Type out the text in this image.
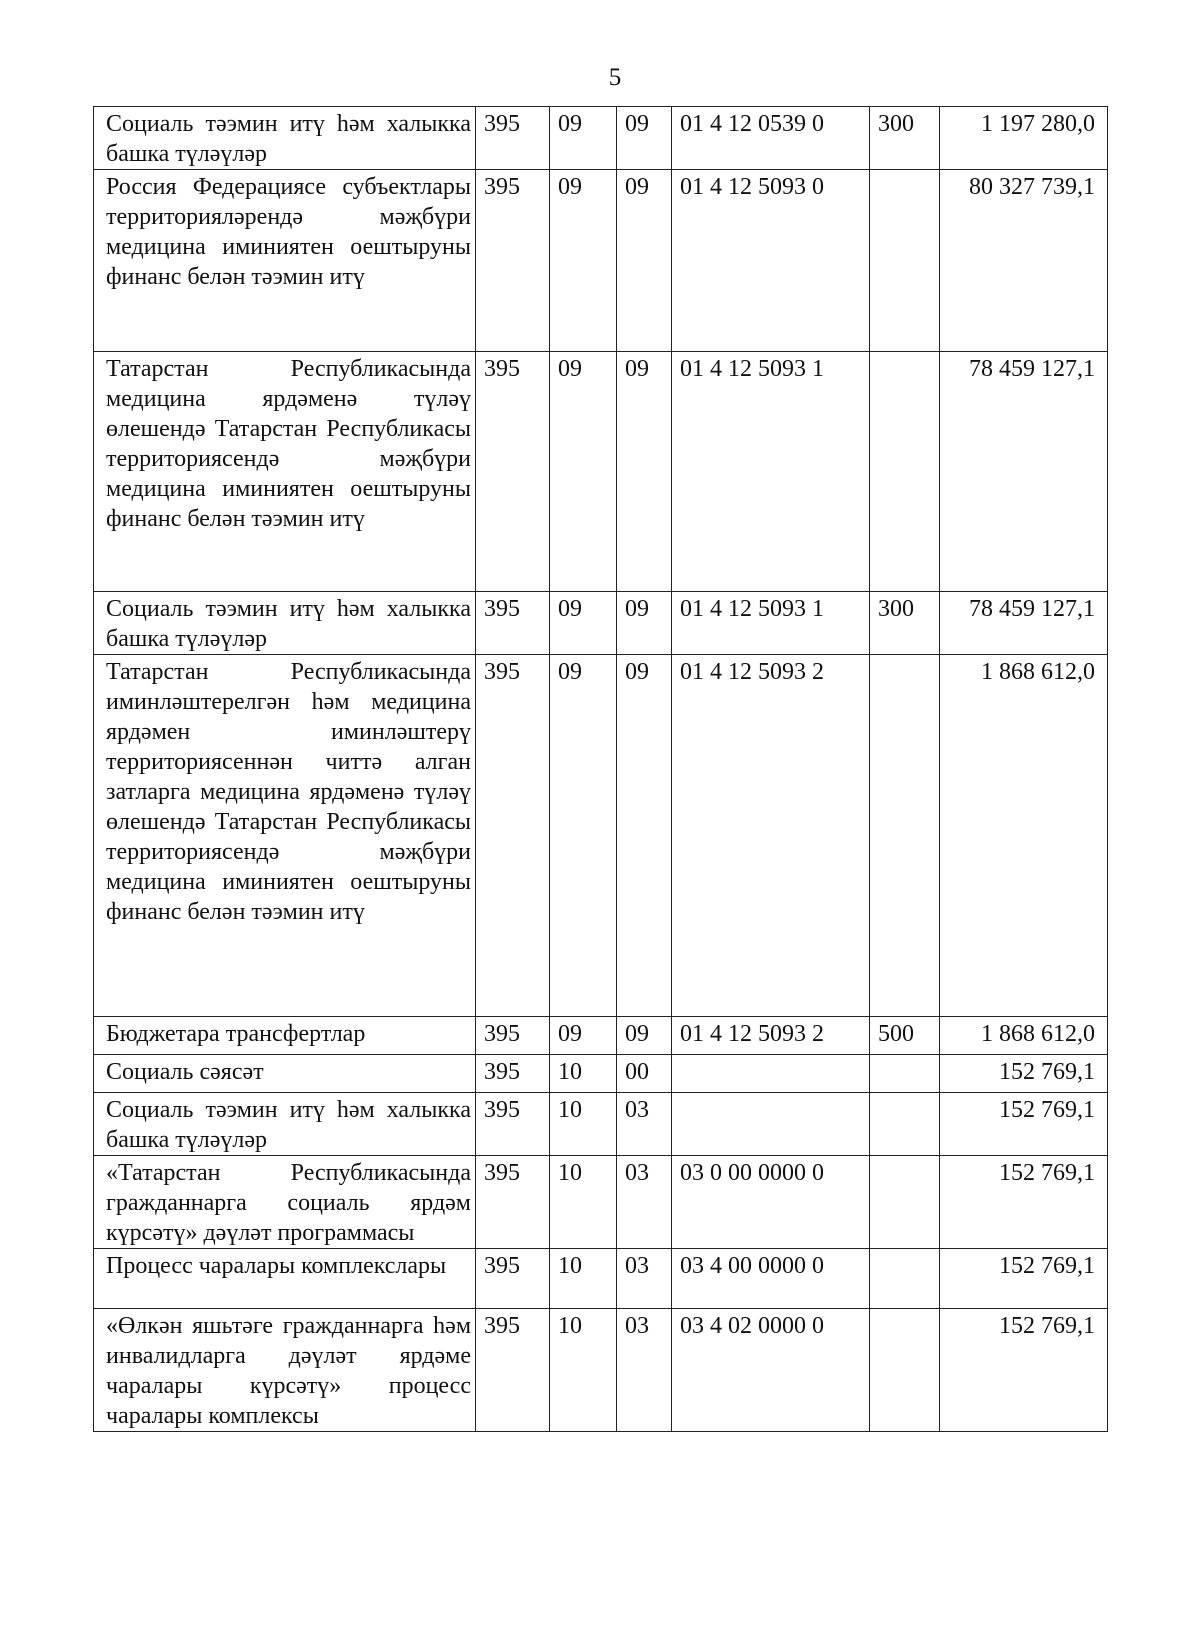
5
Социаль тәэмин итү һәм халыкка башка түләүләр	395	09	09	01 4 12 0539 0	300	1 197 280,0
Россия Федерациясе субъектлары территорияләрендә мәҗбүри медицина иминиятен оештыруны финанс белән тәэмин итү	395	09	09	01 4 12 5093 0		80 327 739,1
Татарстан Республикасында медицина ярдәменә түләү өлешендә Татарстан Республикасы территориясендә мәҗбүри медицина иминиятен оештыруны финанс белән тәэмин итү	395	09	09	01 4 12 5093 1		78 459 127,1
Социаль тәэмин итү һәм халыкка башка түләүләр	395	09	09	01 4 12 5093 1	300	78 459 127,1
Татарстан Республикасында иминләштерелгән һәм медицина ярдәмен иминләштерү территориясеннән читтә алган затларга медицина ярдәменә түләү өлешендә Татарстан Республикасы территориясендә мәҗбүри медицина иминиятен оештыруны финанс белән тәэмин итү	395	09	09	01 4 12 5093 2		1 868 612,0
Бюджетара трансфертлар	395	09	09	01 4 12 5093 2	500	1 868 612,0
Социаль сәясәт	395	10	00			152 769,1
Социаль тәэмин итү һәм халыкка башка түләүләр	395	10	03			152 769,1
«Татарстан Республикасында гражданнарга социаль ярдәм күрсәтү» дәүләт программасы	395	10	03	03 0 00 0000 0		152 769,1
Процесс чаралары комплекслары	395	10	03	03 4 00 0000 0		152 769,1
«Өлкән яшьтәге гражданнарга һәм инвалидларга дәүләт ярдәме чаралары күрсәтү» процесс чаралары комплексы	395	10	03	03 4 02 0000 0		152 769,1
